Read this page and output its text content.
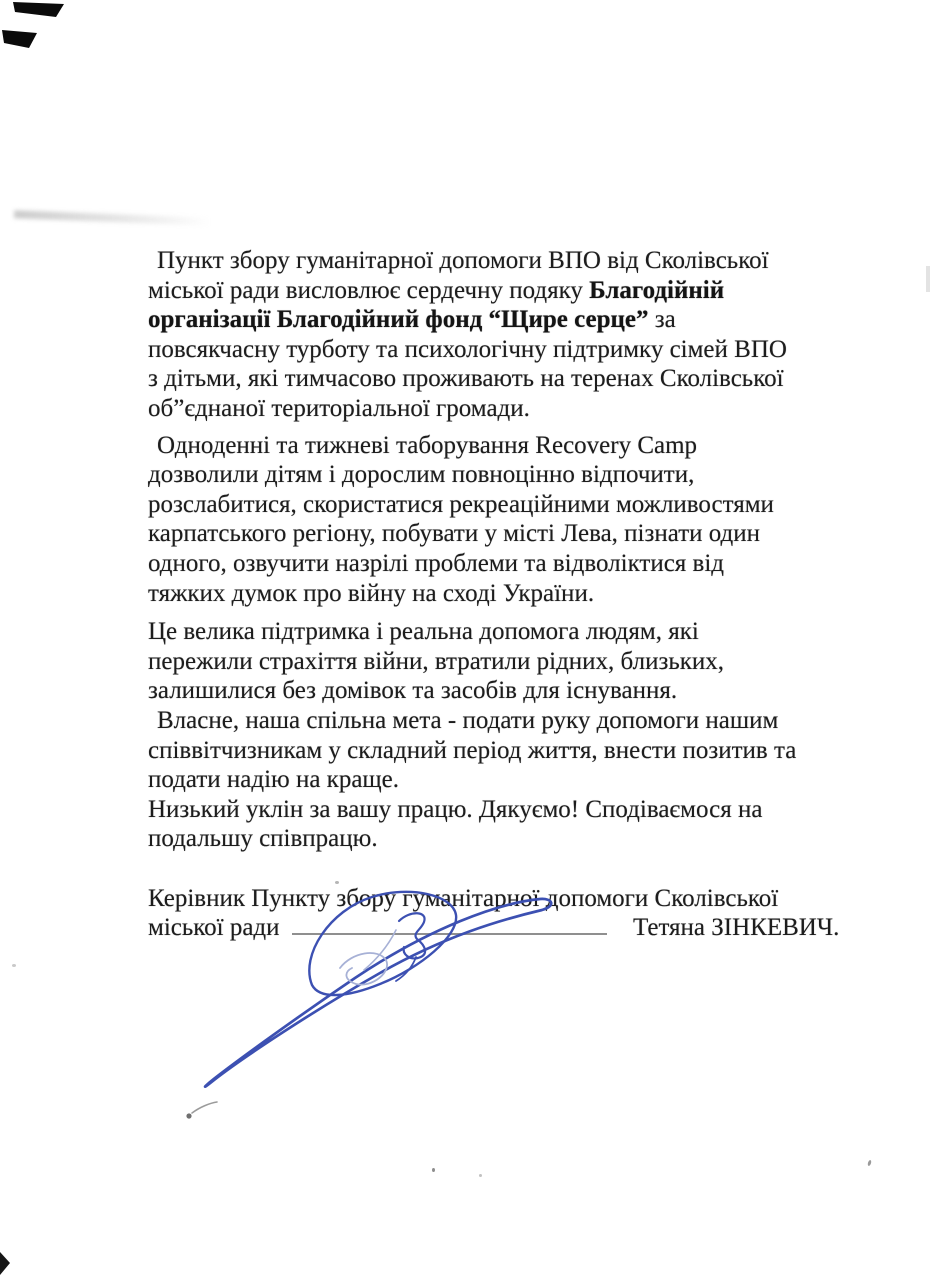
Пункт збору гуманітарної допомоги ВПО від Сколівської
міської ради висловлює сердечну подяку Благодійній
організації Благодійний фонд “Щире серце” за
повсякчасну турботу та психологічну підтримку сімей ВПО
з дітьми, які тимчасово проживають на теренах Сколівської
об”єднаної територіальної громади.
Одноденні та тижневі таборування Recovery Camp
дозволили дітям і дорослим повноцінно відпочити,
розслабитися, скористатися рекреаційними можливостями
карпатського регіону, побувати у місті Лева, пізнати один
одного, озвучити назрілі проблеми та відволіктися від
тяжких думок про війну на сході України.
Це велика підтримка і реальна допомога людям, які
пережили страхіття війни, втратили рідних, близьких,
залишилися без домівок та засобів для існування.
Власне, наша спільна мета - подати руку допомоги нашим
співвітчизникам у складний період життя, внести позитив та
подати надію на краще.
Низький уклін за вашу працю. Дякуємо! Сподіваємося на
подальшу співпрацю.
Керівник Пункту збору гуманітарної допомоги Сколівської
міської ради	Тетяна ЗІНКЕВИЧ.
